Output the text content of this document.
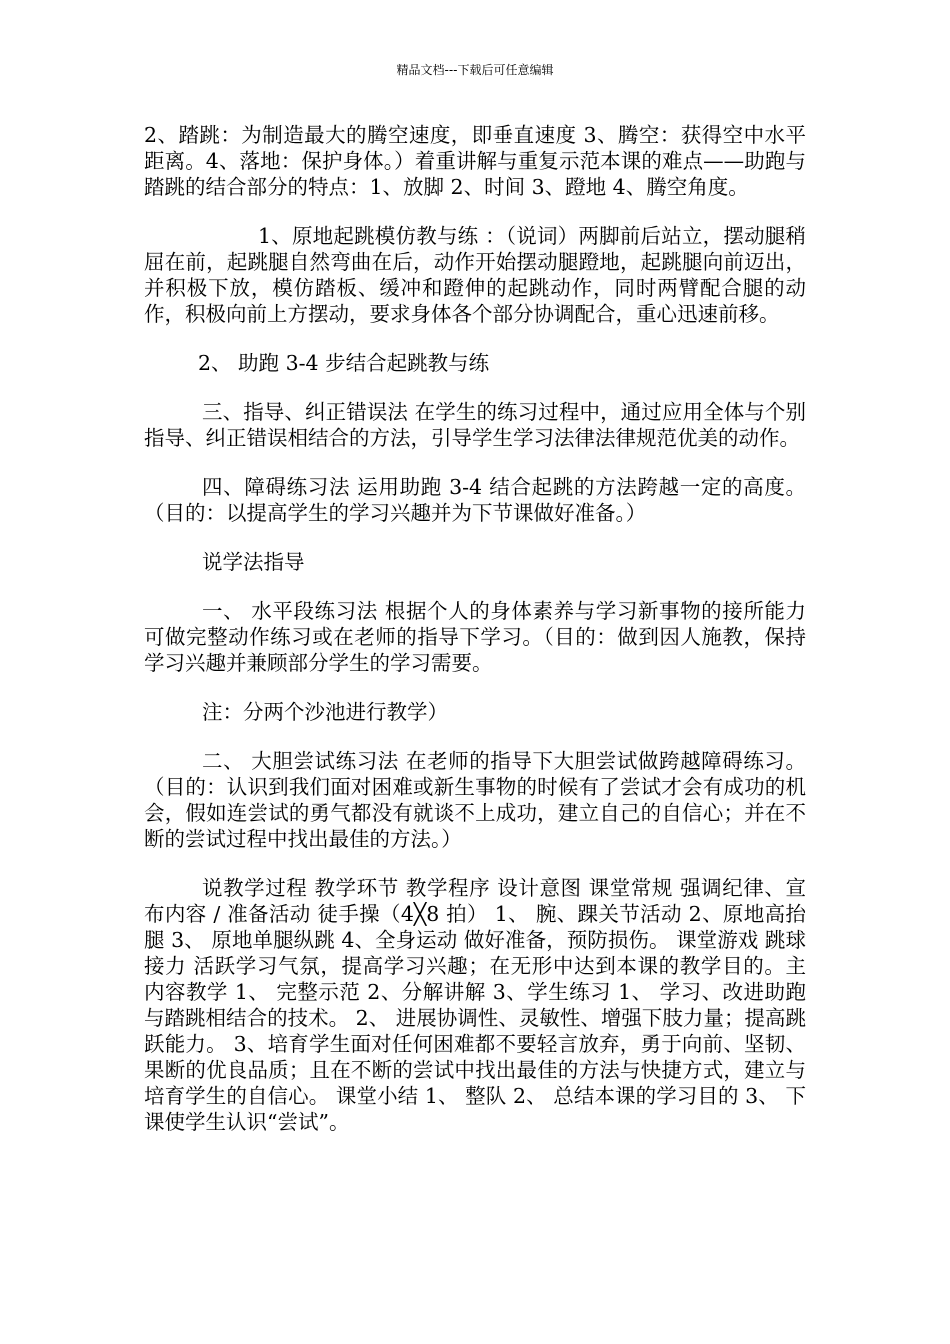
精品文档---下载后可任意编辑

2、踏跳：为制造最大的腾空速度，即垂直速度 3、腾空：获得空中水平距离。4、落地：保护身体。）着重讲解与重复示范本课的难点——助跑与踏跳的结合部分的特点：1、放脚 2、时间 3、蹬地 4、腾空角度。

1、原地起跳模仿教与练 ：（说词）两脚前后站立，摆动腿稍屈在前，起跳腿自然弯曲在后，动作开始摆动腿蹬地，起跳腿向前迈出，并积极下放，模仿踏板、缓冲和蹬伸的起跳动作，同时两臂配合腿的动作，积极向前上方摆动，要求身体各个部分协调配合，重心迅速前移。

2、 助跑 3-4 步结合起跳教与练

三、指导、纠正错误法 在学生的练习过程中，通过应用全体与个别指导、纠正错误相结合的方法，引导学生学习法律法律规范优美的动作。

四、障碍练习法 运用助跑 3-4 结合起跳的方法跨越一定的高度。（目的：以提高学生的学习兴趣并为下节课做好准备。）

说学法指导

一、 水平段练习法 根据个人的身体素养与学习新事物的接所能力可做完整动作练习或在老师的指导下学习。（目的：做到因人施教，保持学习兴趣并兼顾部分学生的学习需要。

注：分两个沙池进行教学）

二、 大胆尝试练习法 在老师的指导下大胆尝试做跨越障碍练习。（目的：认识到我们面对困难或新生事物的时候有了尝试才会有成功的机会，假如连尝试的勇气都没有就谈不上成功，建立自己的自信心；并在不断的尝试过程中找出最佳的方法。）

说教学过程 教学环节 教学程序 设计意图 课堂常规 强调纪律、宣布内容 / 准备活动 徒手操（4╳8 拍） 1、 腕、踝关节活动 2、原地高抬腿 3、 原地单腿纵跳 4、全身运动 做好准备，预防损伤。 课堂游戏 跳球接力 活跃学习气氛，提高学习兴趣；在无形中达到本课的教学目的。主内容教学 1、 完整示范 2、分解讲解 3、学生练习 1、 学习、改进助跑与踏跳相结合的技术。 2、 进展协调性、灵敏性、增强下肢力量；提高跳跃能力。 3、培育学生面对任何困难都不要轻言放弃，勇于向前、坚韧、果断的优良品质；且在不断的尝试中找出最佳的方法与快捷方式，建立与培育学生的自信心。 课堂小结 1、 整队 2、 总结本课的学习目的 3、 下课使学生认识“尝试”。
